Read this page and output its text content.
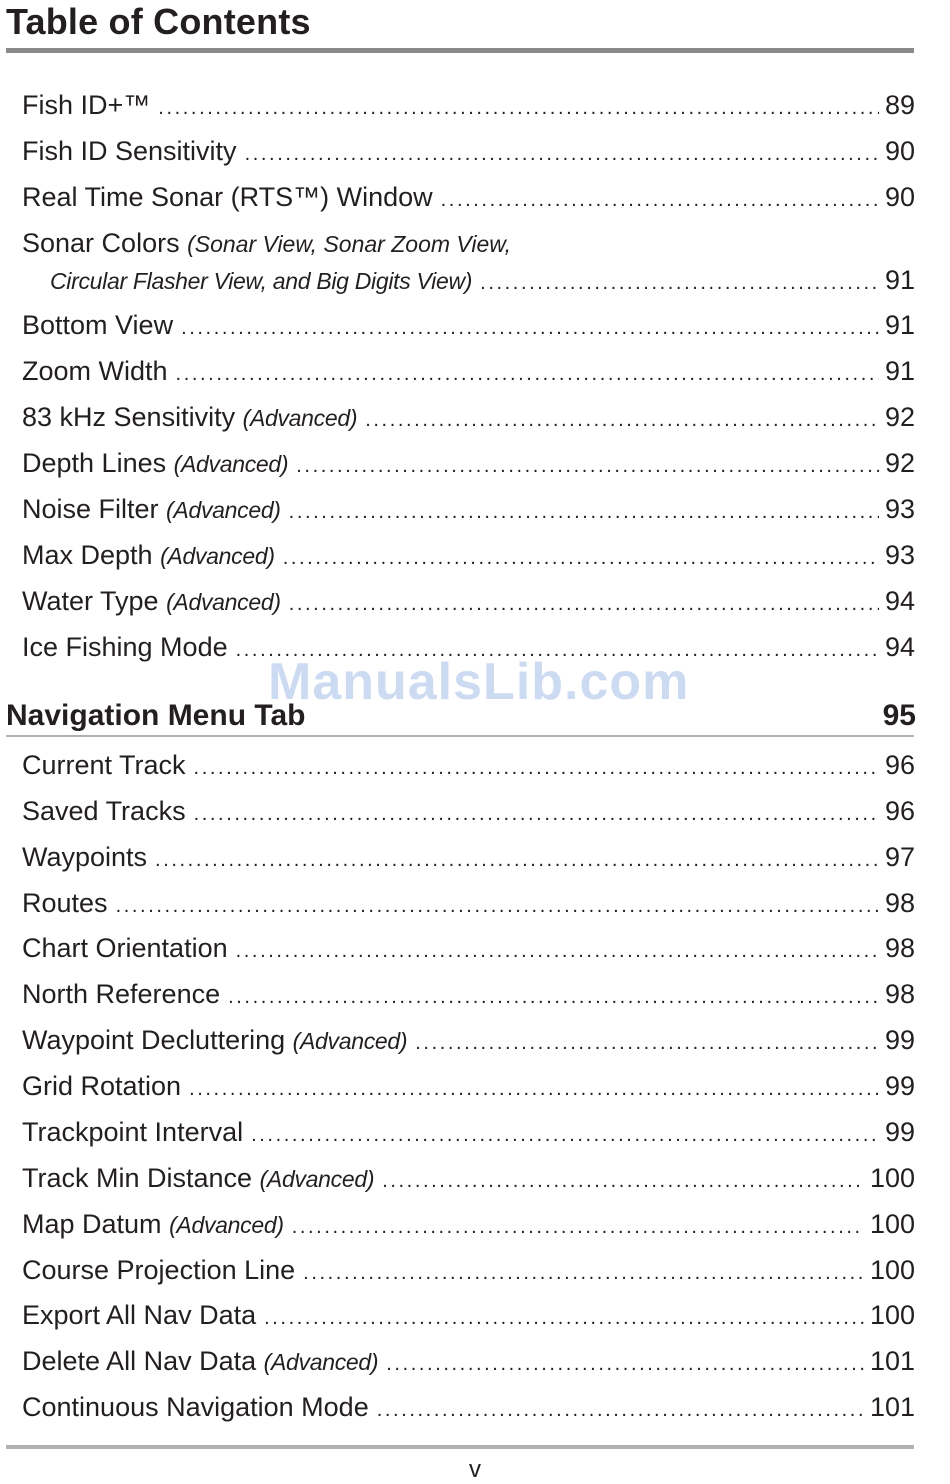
Table of Contents
Fish ID+™ .....	89
Fish ID Sensitivity .....	90
Real Time Sonar (RTS™) Window .....	90
Sonar Colors (Sonar View, Sonar Zoom View,
Circular Flasher View, and Big Digits View) .....	91
Bottom View .....	91
Zoom Width .....	91
83 kHz Sensitivity (Advanced) .....	92
Depth Lines (Advanced) .....	92
Noise Filter (Advanced) .....	93
Max Depth (Advanced) .....	93
Water Type (Advanced) .....	94
Ice Fishing Mode .....	94
ManualsLib.com
Navigation Menu Tab	95
Current Track .....	96
Saved Tracks .....	96
Waypoints .....	97
Routes .....	98
Chart Orientation .....	98
North Reference .....	98
Waypoint Decluttering (Advanced) .....	99
Grid Rotation .....	99
Trackpoint Interval .....	99
Track Min Distance (Advanced) .....	100
Map Datum (Advanced) .....	100
Course Projection Line .....	100
Export All Nav Data .....	100
Delete All Nav Data (Advanced) .....	101
Continuous Navigation Mode .....	101
v
